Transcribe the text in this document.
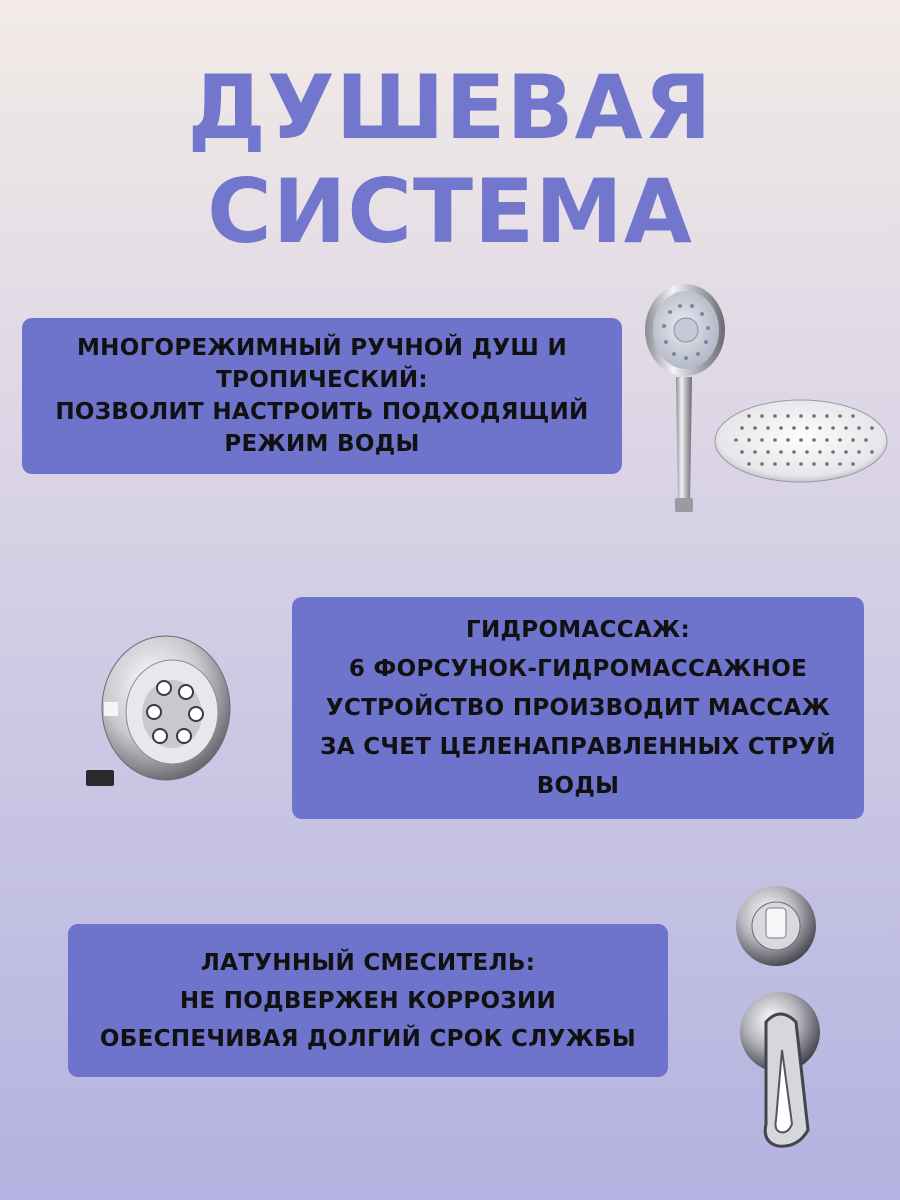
ДУШЕВАЯ
СИСТЕМА
МНОГОРЕЖИМНЫЙ РУЧНОЙ ДУШ И
ТРОПИЧЕСКИЙ:
ПОЗВОЛИТ НАСТРОИТЬ ПОДХОДЯЩИЙ
РЕЖИМ ВОДЫ
ГИДРОМАССАЖ:
6 ФОРСУНОК-ГИДРОМАССАЖНОЕ
УСТРОЙСТВО ПРОИЗВОДИТ МАССАЖ
ЗА СЧЕТ ЦЕЛЕНАПРАВЛЕННЫХ СТРУЙ
ВОДЫ
ЛАТУННЫЙ СМЕСИТЕЛЬ:
НЕ ПОДВЕРЖЕН КОРРОЗИИ
ОБЕСПЕЧИВАЯ ДОЛГИЙ СРОК СЛУЖБЫ
